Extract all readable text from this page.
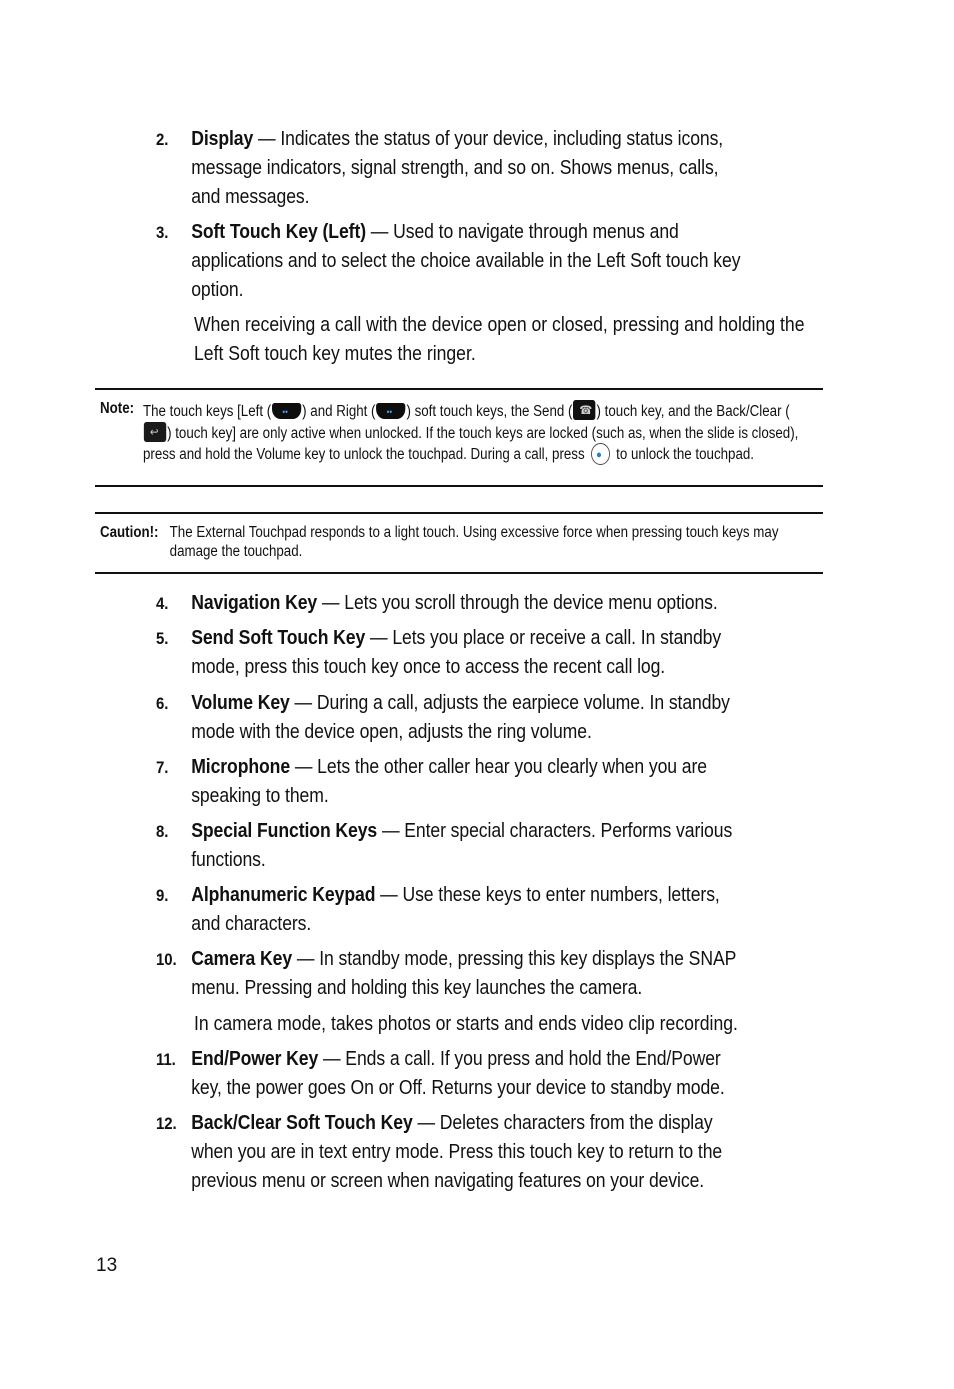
2. Display — Indicates the status of your device, including status icons, message indicators, signal strength, and so on. Shows menus, calls, and messages.
3. Soft Touch Key (Left) — Used to navigate through menus and applications and to select the choice available in the Left Soft touch key option.
When receiving a call with the device open or closed, pressing and holding the Left Soft touch key mutes the ringer.
Note: The touch keys [Left ( •• ) and Right ( •• ) soft touch keys, the Send ( ☎ ) touch key, and the Back/Clear (↩) touch key] are only active when unlocked. If the touch keys are locked (such as, when the slide is closed), press and hold the Volume key to unlock the touchpad. During a call, press ● to unlock the touchpad.
Caution!: The External Touchpad responds to a light touch. Using excessive force when pressing touch keys may damage the touchpad.
4. Navigation Key — Lets you scroll through the device menu options.
5. Send Soft Touch Key — Lets you place or receive a call. In standby mode, press this touch key once to access the recent call log.
6. Volume Key — During a call, adjusts the earpiece volume. In standby mode with the device open, adjusts the ring volume.
7. Microphone — Lets the other caller hear you clearly when you are speaking to them.
8. Special Function Keys — Enter special characters. Performs various functions.
9. Alphanumeric Keypad — Use these keys to enter numbers, letters, and characters.
10. Camera Key — In standby mode, pressing this key displays the SNAP menu. Pressing and holding this key launches the camera.
In camera mode, takes photos or starts and ends video clip recording.
11. End/Power Key — Ends a call. If you press and hold the End/Power key, the power goes On or Off. Returns your device to standby mode.
12. Back/Clear Soft Touch Key — Deletes characters from the display when you are in text entry mode. Press this touch key to return to the previous menu or screen when navigating features on your device.
13
